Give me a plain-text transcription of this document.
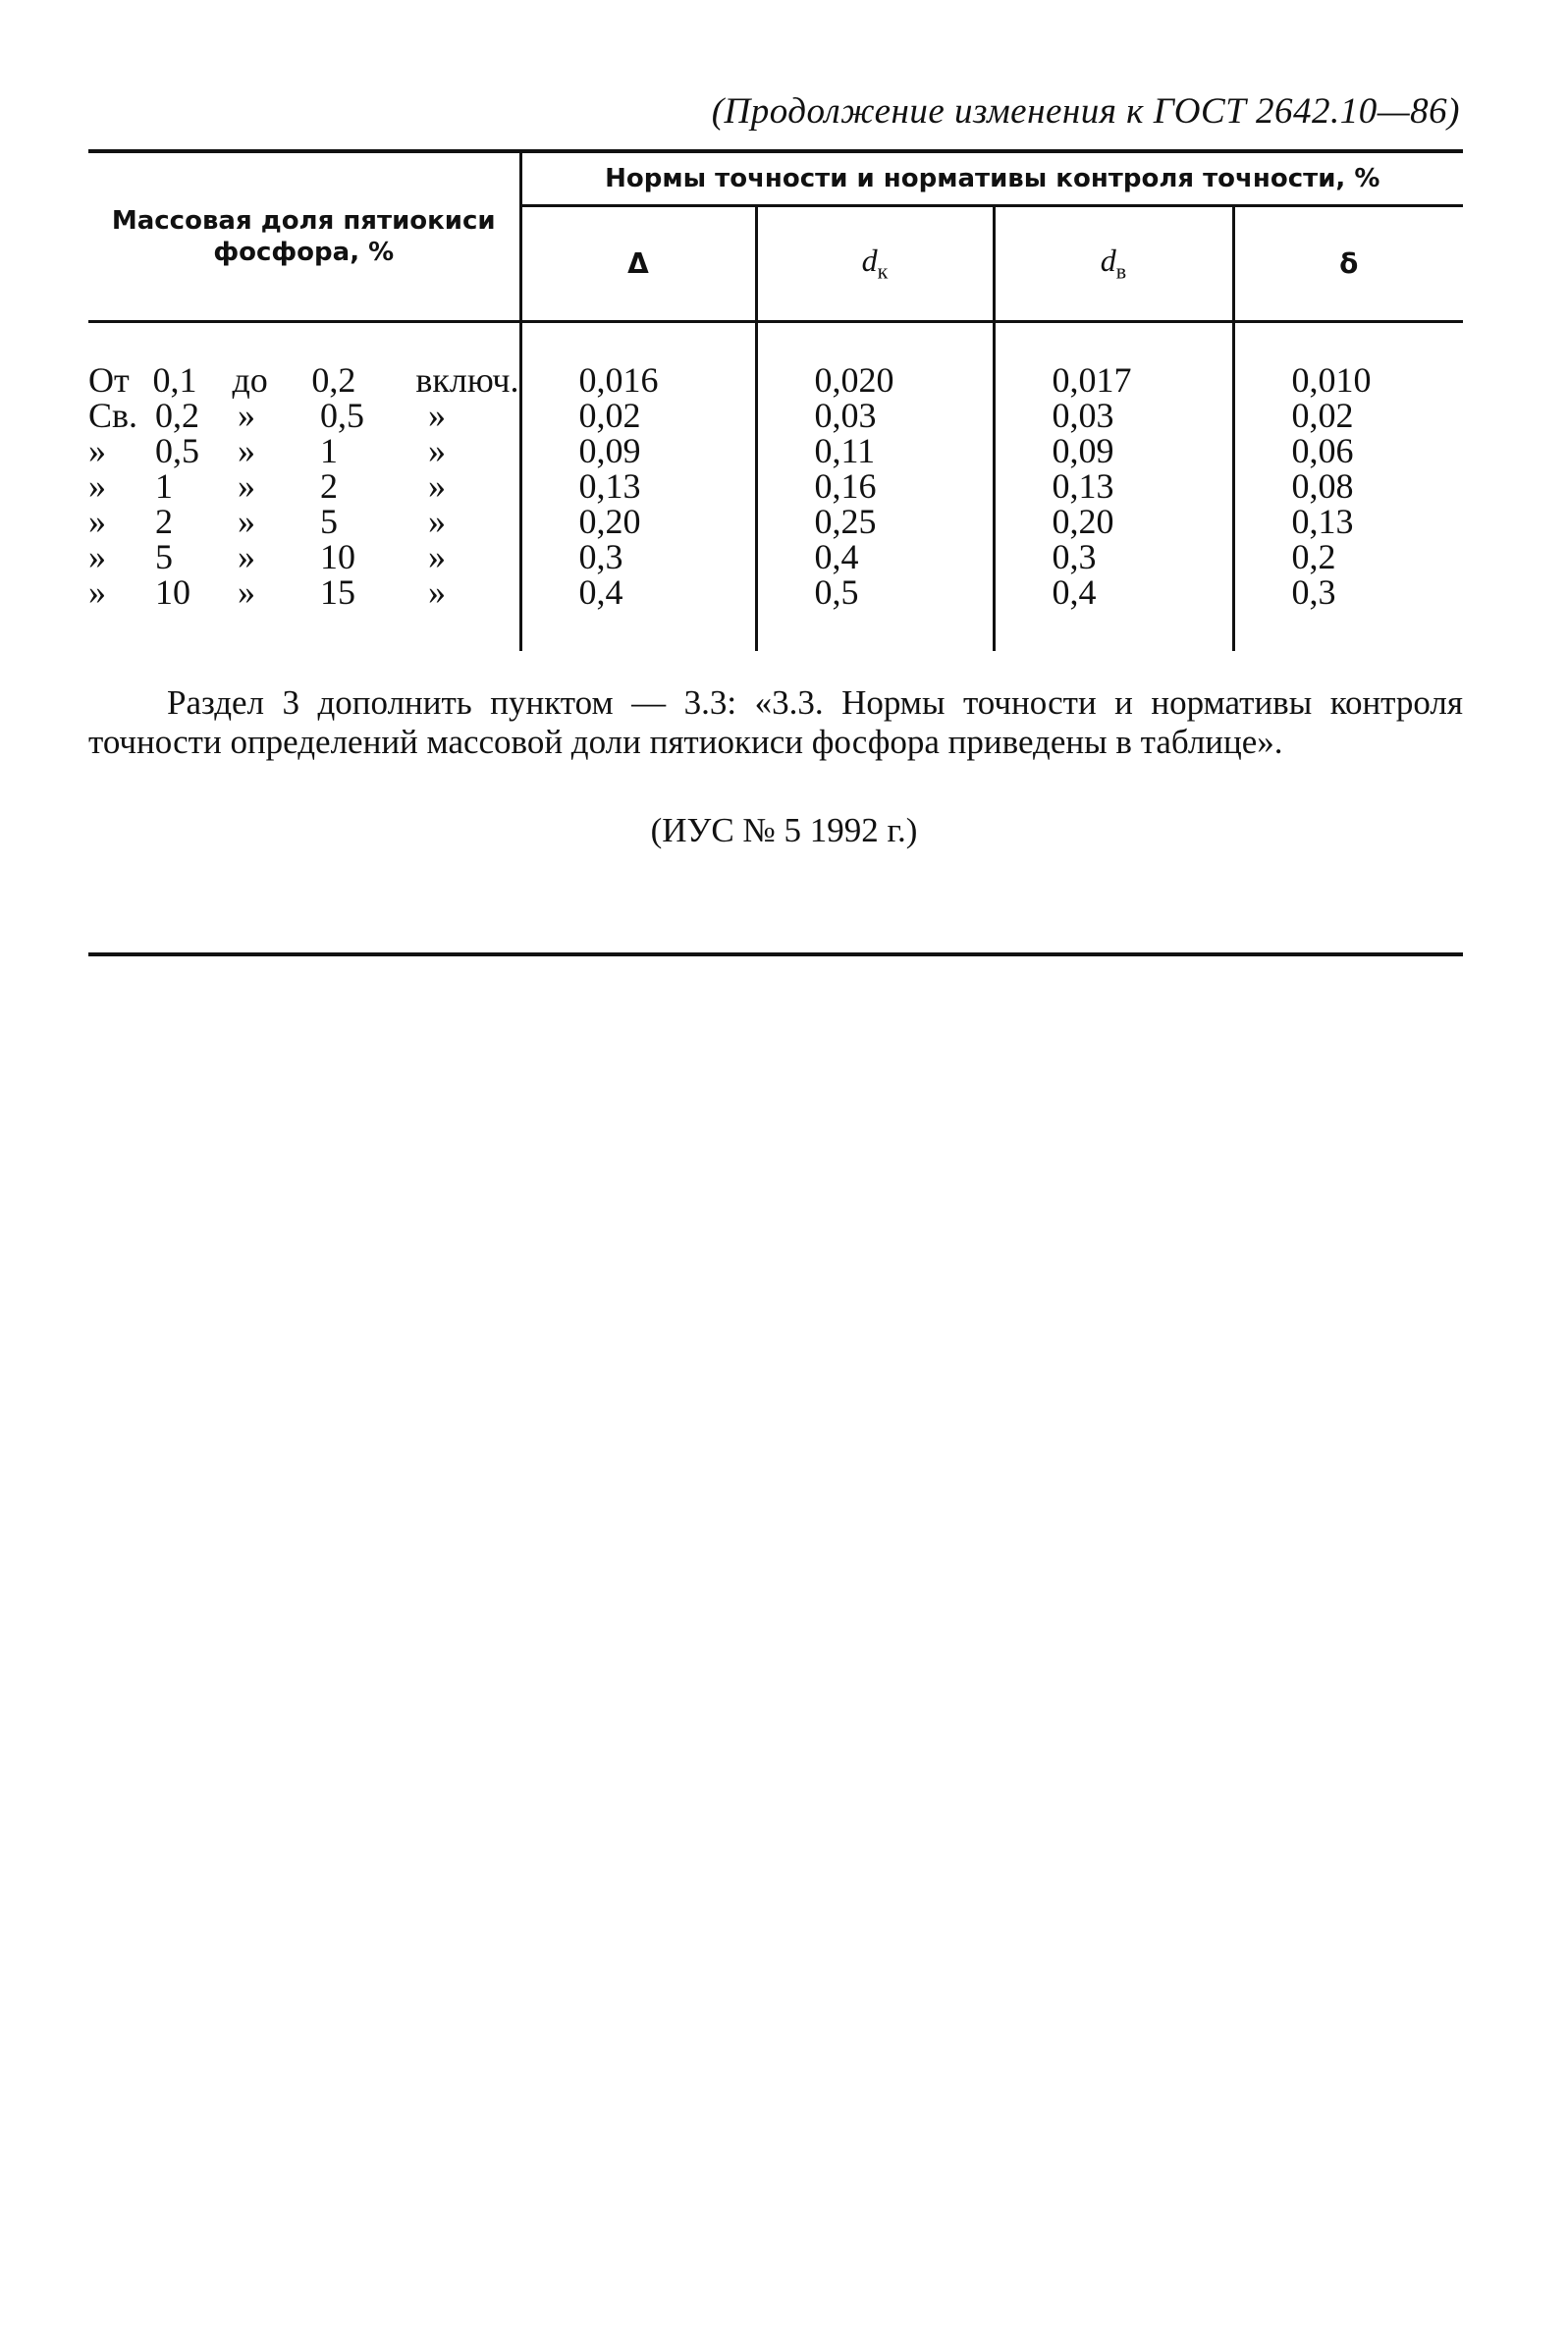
(Продолжение изменения к ГОСТ 2642.10—86)
Массовая доля пятиокиси фосфора, %	Нормы точности и нормативы контроля точности, %			
	Δ	$d_к$	$d_в$	δ

От 0,1 до 0,2 включ.	0,016	0,020	0,017	0,010

Св. 0,2 » 0,5 »	0,02	0,03	0,03	0,02

» 0,5 » 1 »	0,09	0,11	0,09	0,06

» 1 » 2 »	0,13	0,16	0,13	0,08

» 2 » 5 »	0,20	0,25	0,20	0,13

» 5 » 10 »	0,3	0,4	0,3	0,2

» 10 » 15 »	0,4	0,5	0,4	0,3
Раздел 3 дополнить пунктом — 3.3: «3.3. Нормы точности и нормативы контроля точности определений массовой доли пятиокиси фосфора приведены в таблице».
(ИУС № 5 1992 г.)
